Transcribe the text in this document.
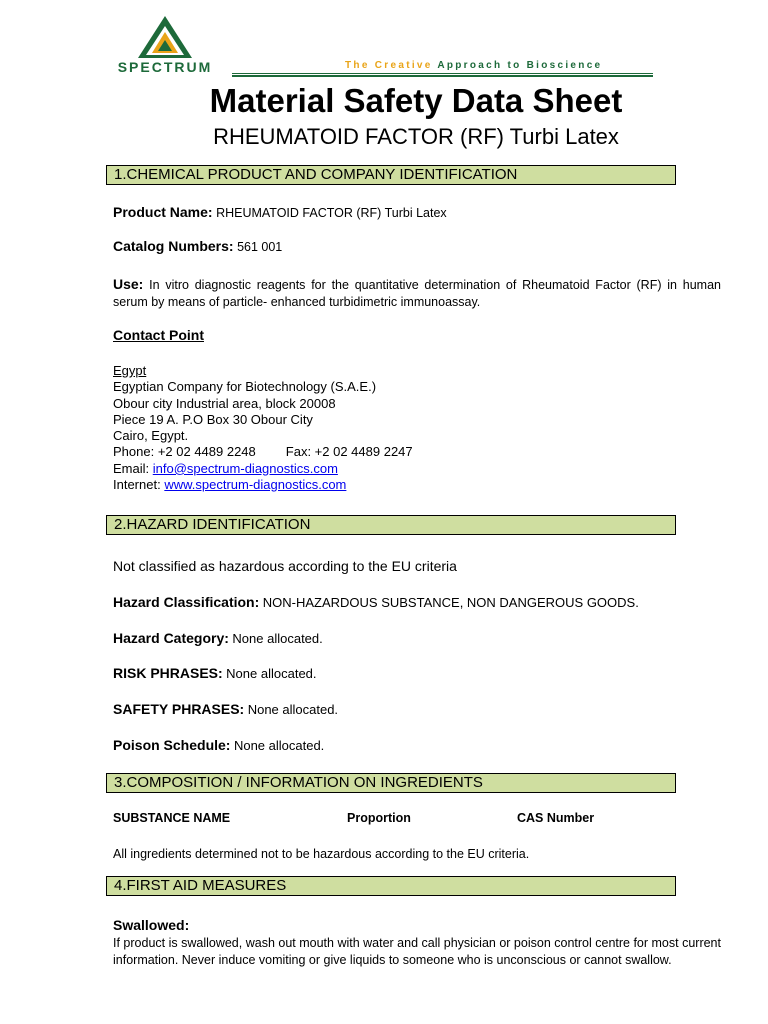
SPECTRUM	The Creative Approach to Bioscience
Material Safety Data Sheet
RHEUMATOID FACTOR (RF) Turbi Latex
1.CHEMICAL PRODUCT AND COMPANY IDENTIFICATION
Product Name: RHEUMATOID FACTOR (RF) Turbi Latex
Catalog Numbers: 561 001
Use: In vitro diagnostic reagents for the quantitative determination of Rheumatoid Factor (RF) in human serum by means of particle- enhanced turbidimetric immunoassay.
Contact Point
Egypt
Egyptian Company for Biotechnology (S.A.E.)
Obour city Industrial area, block 20008
Piece 19 A. P.O Box 30 Obour City
Cairo, Egypt.
Phone: +2 02 4489 2248 Fax: +2 02 4489 2247
Email: info@spectrum-diagnostics.com
Internet: www.spectrum-diagnostics.com
2.HAZARD IDENTIFICATION
Not classified as hazardous according to the EU criteria
Hazard Classification: NON-HAZARDOUS SUBSTANCE, NON DANGEROUS GOODS.
Hazard Category: None allocated.
RISK PHRASES: None allocated.
SAFETY PHRASES: None allocated.
Poison Schedule: None allocated.
3.COMPOSITION / INFORMATION ON INGREDIENTS
SUBSTANCE NAME	Proportion	CAS Number
All ingredients determined not to be hazardous according to the EU criteria.
4.FIRST AID MEASURES
Swallowed:
If product is swallowed, wash out mouth with water and call physician or poison control centre for most current information. Never induce vomiting or give liquids to someone who is unconscious or cannot swallow.
